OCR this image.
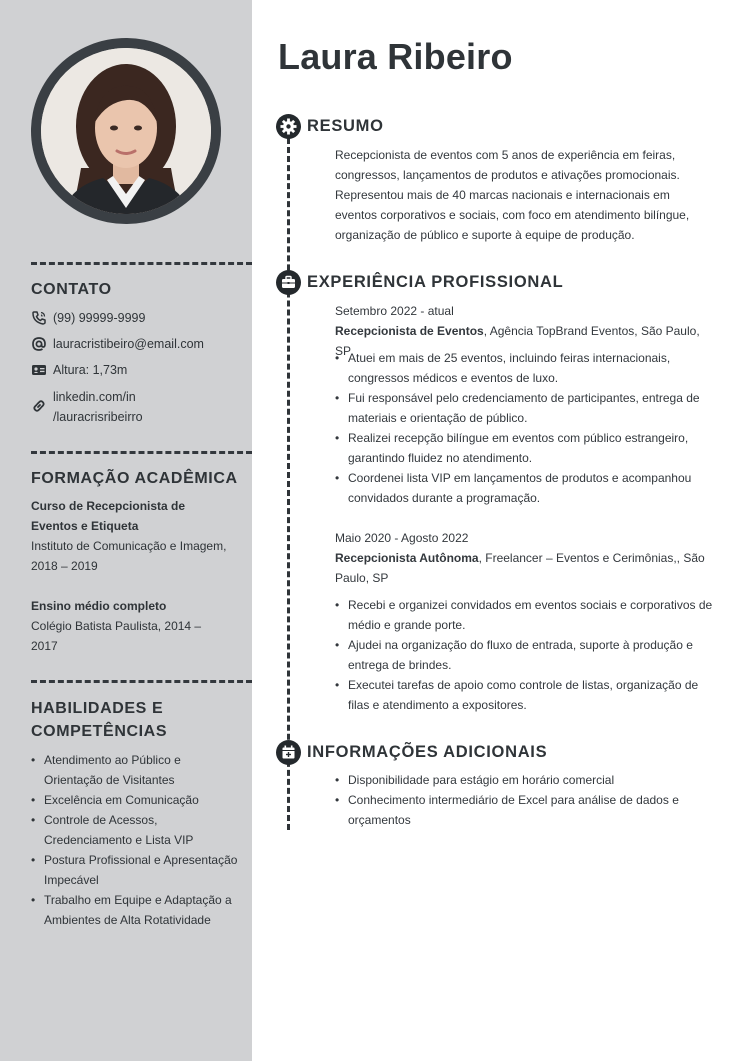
CONTATO
(99) 99999-9999
lauracristibeiro@email.com
Altura: 1,73m
linkedin.com/in
/lauracrisribeirro
FORMAÇÃO ACADÊMICA
Curso de Recepcionista de Eventos e Etiqueta
Instituto de Comunicação e Imagem, 2018 – 2019
Ensino médio completo
Colégio Batista Paulista, 2014 – 2017
HABILIDADES E
COMPETÊNCIAS
• Atendimento ao Público e Orientação de Visitantes
• Excelência em Comunicação
• Controle de Acessos, Credenciamento e Lista VIP
• Postura Profissional e Apresentação Impecável
• Trabalho em Equipe e Adaptação a Ambientes de Alta Rotatividade
Laura Ribeiro
RESUMO
Recepcionista de eventos com 5 anos de experiência em feiras, congressos, lançamentos de produtos e ativações promocionais. Representou mais de 40 marcas nacionais e internacionais em eventos corporativos e sociais, com foco em atendimento bilíngue, organização de público e suporte à equipe de produção.
EXPERIÊNCIA PROFISSIONAL
Setembro 2022 - atual
Recepcionista de Eventos, Agência TopBrand Eventos, São Paulo, SP
• Atuei em mais de 25 eventos, incluindo feiras internacionais, congressos médicos e eventos de luxo.
• Fui responsável pelo credenciamento de participantes, entrega de materiais e orientação de público.
• Realizei recepção bilíngue em eventos com público estrangeiro, garantindo fluidez no atendimento.
• Coordenei lista VIP em lançamentos de produtos e acompanhou convidados durante a programação.
Maio 2020 - Agosto 2022
Recepcionista Autônoma, Freelancer – Eventos e Cerimônias,, São Paulo, SP
• Recebi e organizei convidados em eventos sociais e corporativos de médio e grande porte.
• Ajudei na organização do fluxo de entrada, suporte à produção e entrega de brindes.
• Executei tarefas de apoio como controle de listas, organização de filas e atendimento a expositores.
INFORMAÇÕES ADICIONAIS
• Disponibilidade para estágio em horário comercial
• Conhecimento intermediário de Excel para análise de dados e orçamentos
